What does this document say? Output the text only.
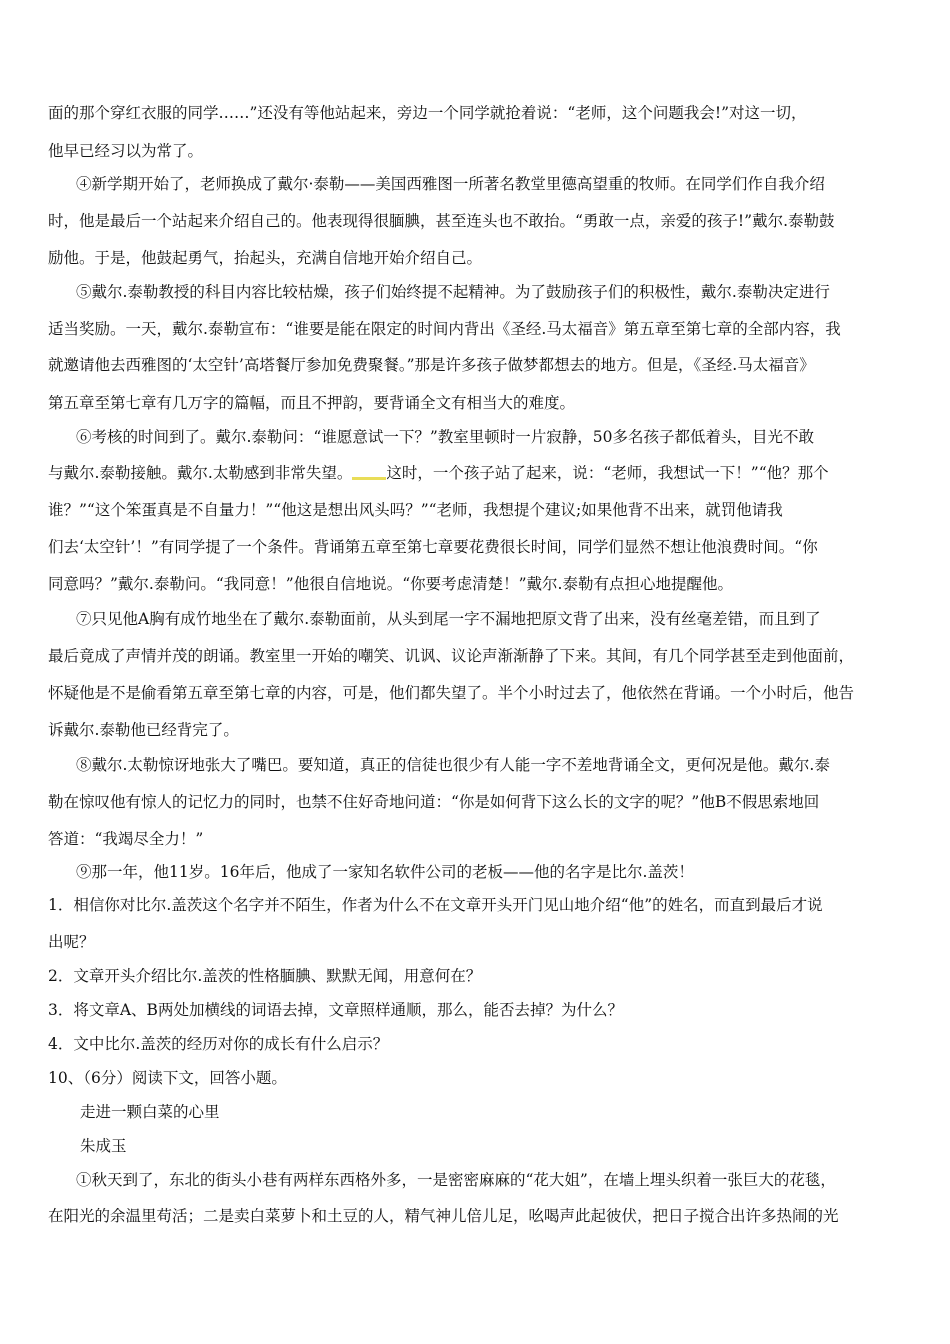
面的那个穿红衣服的同学……”还没有等他站起来，旁边一个同学就抢着说：“老师，这个问题我会!”对这一切，
他早已经习以为常了。
④新学期开始了，老师换成了戴尔·泰勒——美国西雅图一所著名教堂里德高望重的牧师。在同学们作自我介绍
时，他是最后一个站起来介绍自己的。他表现得很腼腆，甚至连头也不敢抬。“勇敢一点，亲爱的孩子!”戴尔.泰勒鼓
励他。于是，他鼓起勇气，抬起头，充满自信地开始介绍自己。
⑤戴尔.泰勒教授的科目内容比较枯燥，孩子们始终提不起精神。为了鼓励孩子们的积极性，戴尔.泰勒决定进行
适当奖励。一天，戴尔.泰勒宣布：“谁要是能在限定的时间内背出《圣经.马太福音》第五章至第七章的全部内容，我
就邀请他去西雅图的‘太空针’高塔餐厅参加免费聚餐。”那是许多孩子做梦都想去的地方。但是，《圣经.马太福音》
第五章至第七章有几万字的篇幅，而且不押韵，要背诵全文有相当大的难度。
⑥考核的时间到了。戴尔.泰勒问：“谁愿意试一下？”教室里顿时一片寂静，50多名孩子都低着头，目光不敢
与戴尔.泰勒接触。戴尔.太勒感到非常失望。 这时，一个孩子站了起来，说：“老师，我想试一下！”“他？那个
谁？”“这个笨蛋真是不自量力！”“他这是想出风头吗？”“老师，我想提个建议;如果他背不出来，就罚他请我
们去‘太空针’！”有同学提了一个条件。背诵第五章至第七章要花费很长时间，同学们显然不想让他浪费时间。“你
同意吗？”戴尔.泰勒问。“我同意！”他很自信地说。“你要考虑清楚！”戴尔.泰勒有点担心地提醒他。
⑦只见他A胸有成竹地坐在了戴尔.泰勒面前，从头到尾一字不漏地把原文背了出来，没有丝毫差错，而且到了
最后竟成了声情并茂的朗诵。教室里一开始的嘲笑、讥讽、议论声渐渐静了下来。其间，有几个同学甚至走到他面前，
怀疑他是不是偷看第五章至第七章的内容，可是，他们都失望了。半个小时过去了，他依然在背诵。一个小时后，他告
诉戴尔.泰勒他已经背完了。
⑧戴尔.太勒惊讶地张大了嘴巴。要知道，真正的信徒也很少有人能一字不差地背诵全文，更何况是他。戴尔.泰
勒在惊叹他有惊人的记忆力的同时，也禁不住好奇地问道：“你是如何背下这么长的文字的呢？”他B不假思索地回
答道：“我竭尽全力！”
⑨那一年，他11岁。16年后，他成了一家知名软件公司的老板——他的名字是比尔.盖茨！
1．相信你对比尔.盖茨这个名字并不陌生，作者为什么不在文章开头开门见山地介绍“他”的姓名，而直到最后才说
出呢？
2．文章开头介绍比尔.盖茨的性格腼腆、默默无闻，用意何在？
3．将文章A、B两处加横线的词语去掉，文章照样通顺，那么，能否去掉？为什么？
4．文中比尔.盖茨的经历对你的成长有什么启示？
10、（6分）阅读下文，回答小题。
走进一颗白菜的心里
朱成玉
①秋天到了，东北的街头小巷有两样东西格外多，一是密密麻麻的“花大姐”，在墙上埋头织着一张巨大的花毯，
在阳光的余温里苟活；二是卖白菜萝卜和土豆的人，精气神儿倍儿足，吆喝声此起彼伏，把日子搅合出许多热闹的光
